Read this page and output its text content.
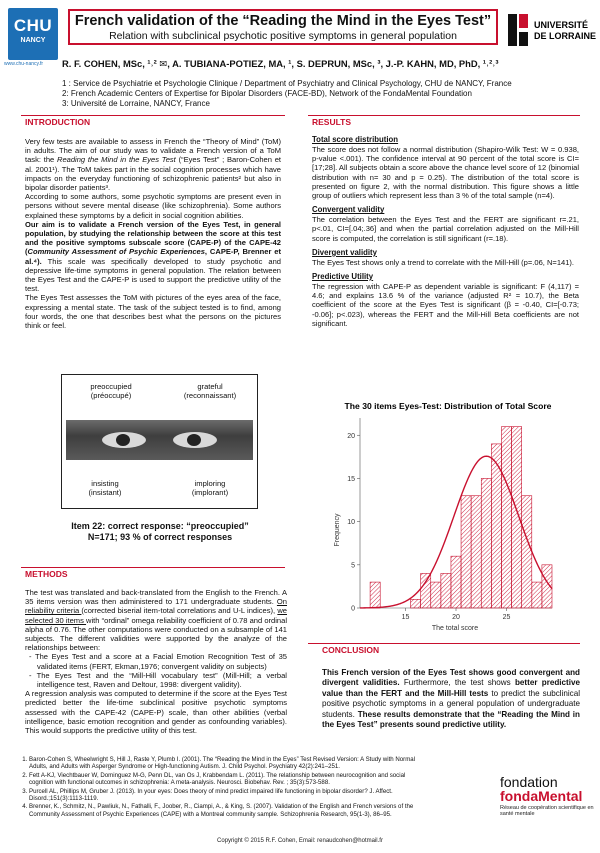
CHU
NANCY
www.chu-nancy.fr
French validation of the “Reading the Mind in the Eyes Test”
Relation with subclinical psychotic positive symptoms in general population
UNIVERSITÉ
DE LORRAINE
R. F. COHEN, MSc, ¹˒² ✉, A. TUBIANA-POTIEZ, MA, ¹, S. DEPRUN, MSc, ³, J.-P. KAHN, MD, PhD, ¹˒²˒³
1 : Service de Psychiatrie et Psychologie Clinique / Department of Psychiatry and Clinical Psychology, CHU de NANCY, France
2: French Academic Centers of Expertise for Bipolar Disorders (FACE-BD), Network of the FondaMental Foundation
3: Université de Lorraine, NANCY, France
INTRODUCTION

Very few tests are available to assess in French the “Theory of Mind” (ToM) in adults. The aim of our study was to validate a French version of a ToM task: the Reading the Mind in the Eyes Test (“Eyes Test” ; Baron-Cohen et al. 2001¹). The ToM takes part in the social cognition processes which have impacts on the everyday functioning of schizophrenic patients² but also in bipolar disorder patients³.

According to some authors, some psychotic symptoms are present even in persons without severe mental disease (like schizophrenia). Some authors explained these symptoms by a deficit in social cognition abilities.

Our aim is to validate a French version of the Eyes Test, in general population, by studying the relationship between the score at this test and the positive symptoms subscale score (CAPE-P) of the CAPE-42 (Community Assessment of Psychic Experiences, CAPE-P, Brenner et al.⁴). This scale was specifically developed to study psychotic and depressive life-time symptoms in general population. The relation between the Eyes Test and the CAPE-P is used to support the predictive utility of the test.

The Eyes Test assesses the ToM with pictures of the eyes area of the face, expressing a mental state. The task of the subject tested is to find, among four words, the one that describes best what the persons on the pictures think or feel.

preoccupied
(préoccupé)
grateful
(reconnaissant)
insisting
(insistant)
imploring
(implorant)
Item 22: correct response: “preoccupied”
N=171; 93 % of correct responses
METHODS

The test was translated and back-translated from the English to the French. A 35 items version was then administered to 171 undergraduate students. On reliability criteria (corrected biserial item-total correlations and U-L indices), we selected 30 items with “ordinal” omega reliability coefficient of 0.78 and ordinal alpha of 0.76. The other computations were conducted on a subsample of 141 subjects. The different validities were supported by the analyze of the relationships between:

- The Eyes Test and a score at a Facial Emotion Recognition Test of 35 validated items (FERT, Ekman,1976; convergent validity on subjects)
- The Eyes Test and the “Mill-Hill vocabulary test” (Mill-Hill; a verbal intelligence test, Raven and Deltour, 1998: divergent validity).

A regression analysis was computed to determine if the score at the Eyes Test predicted better the life-time subclinical positive psychotic symptoms assessed with the CAPE-42 (CAPE-P) scale, than other abilities (verbal intelligence, basic emotion recognition and gender as confounding variables). This would supports the predictive utility of this test.

RESULTS
Total score distribution

The score does not follow a normal distribution (Shapiro-Wilk Test: W = 0.938, p-value <.001). The confidence interval at 90 percent of the total score is CI=[17;28]. All subjects obtain a score above the chance level score of 12 (binomial distribution with n= 30 and p = 0.25). The distribution of the total score is presented on figure 2, with the normal distribution. This figure shows a little group of outliers which represent less than 3 % of the total sample (n=4).

Convergent validity

The correlation between the Eyes Test and the FERT are significant r=.21, p<.01, CI=[.04;.36] and when the partial correlation adjusted on the Mill-Hill score is computed, the correlation is still significant (r=.18).

Divergent validity

The Eyes Test shows only a trend to correlate with the Mill-Hill (p=.06, N=141).

Predictive Utility

The regression with CAPE-P as dependent variable is significant: F (4,117) = 4.6; and explains 13.6 % of the variance (adjusted R² = 10.7), the Beta coefficient of the score at the Eyes Test is significant (β = -0.40, CI=[-0.73; -0.06]; p<.023), whereas the FERT and the Mill-Hill Beta coefficients are not significant.

The 30 items Eyes-Test: Distribution of Total Score
15	20	25
0
5
10
15
20
The total score
Frequency
CONCLUSION
This French version of the Eyes Test shows good convergent and divergent validities. Furthermore, the test shows better predictive value than the FERT and the Mill-Hill tests to predict the subclinical positive psychotic symptoms in a general population of undergraduate students. These results demonstrate that the “Reading the Mind in the Eyes Test” presents sound predictive utility.
1. Baron-Cohen S, Wheelwright S, Hill J, Raste Y, Plumb I. (2001). The “Reading the Mind in the Eyes” Test Revised Version: A Study with Normal Adults, and Adults with Asperger Syndrome or High-functioning Autism. J. Child Psychol. Psychiatry 42(2):241–251.
2. Fett A-KJ, Viechtbauer W, Dominguez M-G, Penn DL, van Os J, Krabbendam L. (2011). The relationship between neurocognition and social cognition with functional outcomes in schizophrenia: A meta-analysis. Neurosci. Biobehav. Rev. ; 35(3):573-588.
3. Purcell AL, Phillips M, Gruber J. (2013). In your eyes: Does theory of mind predict impaired life functioning in bipolar disorder? J. Affect. Disord.;151(3):1113-1119.
4. Brenner, K., Schmitz, N., Pawliuk, N., Fathalli, F., Joober, R., Ciampi, A., & King, S. (2007). Validation of the English and French versions of the Community Assessment of Psychic Experiences (CAPE) with a Montreal community sample. Schizophrenia Research, 95(1-3), 86–95.
fondation
fondaMental
Réseau de coopération scientifique en santé mentale
Copyright © 2015 R.F. Cohen, Email: renaudcohen@hotmail.fr
